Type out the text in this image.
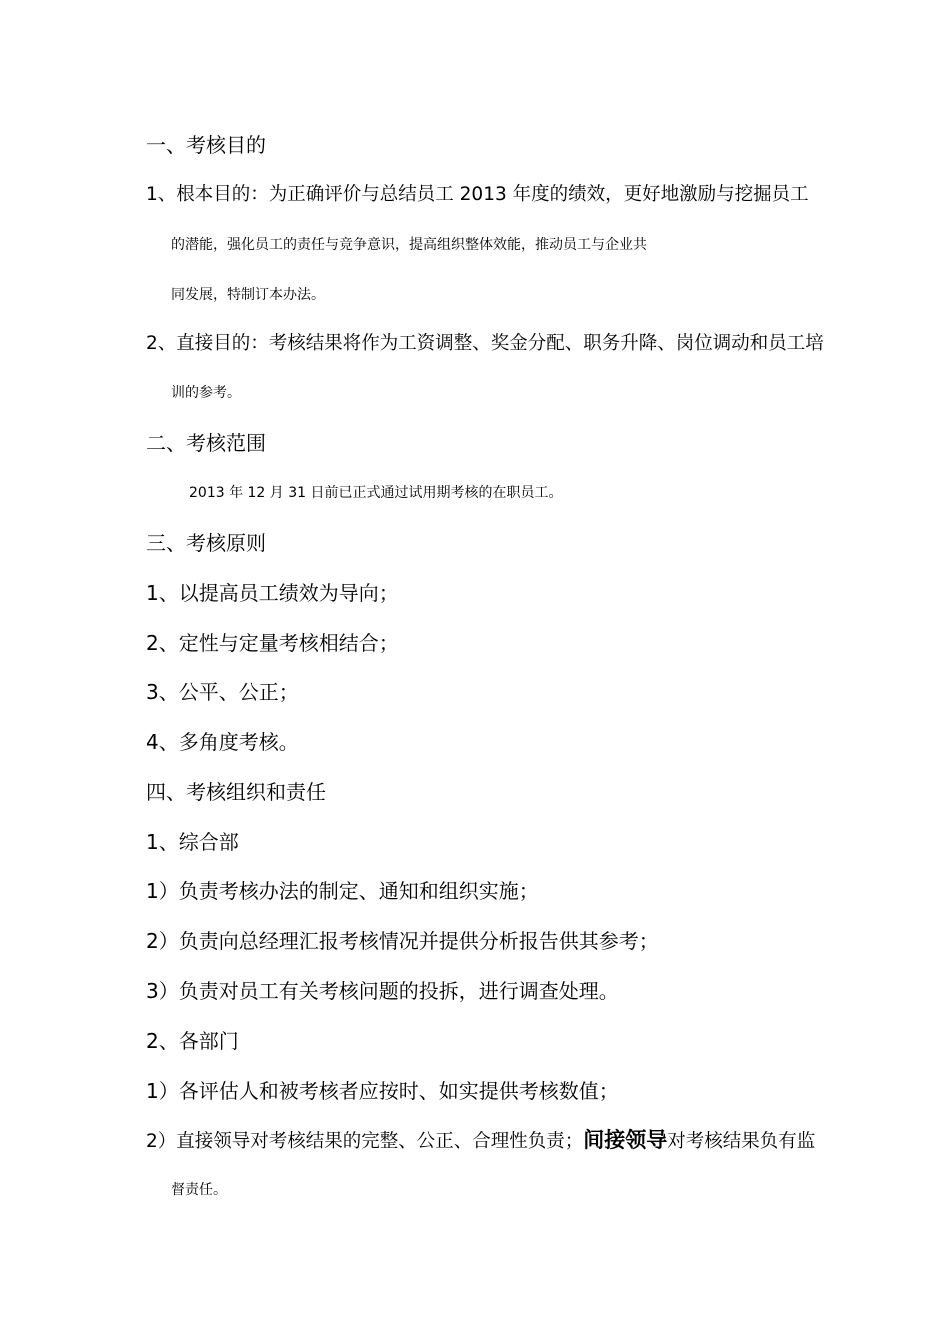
一、考核目的
1、根本目的：为正确评价与总结员工 2013 年度的绩效，更好地激励与挖掘员工
的潜能，强化员工的责任与竞争意识，提高组织整体效能，推动员工与企业共
同发展，特制订本办法。
2、直接目的：考核结果将作为工资调整、奖金分配、职务升降、岗位调动和员工培
训的参考。
二、考核范围
2013 年 12 月 31 日前已正式通过试用期考核的在职员工。
三、考核原则
1、以提高员工绩效为导向；
2、定性与定量考核相结合；
3、公平、公正；
4、多角度考核。
四、考核组织和责任
1、综合部
1）负责考核办法的制定、通知和组织实施；
2）负责向总经理汇报考核情况并提供分析报告供其参考；
3）负责对员工有关考核问题的投拆，进行调查处理。
2、各部门
1）各评估人和被考核者应按时、如实提供考核数值；
2）直接领导对考核结果的完整、公正、合理性负责；间接领导对考核结果负有监
督责任。
